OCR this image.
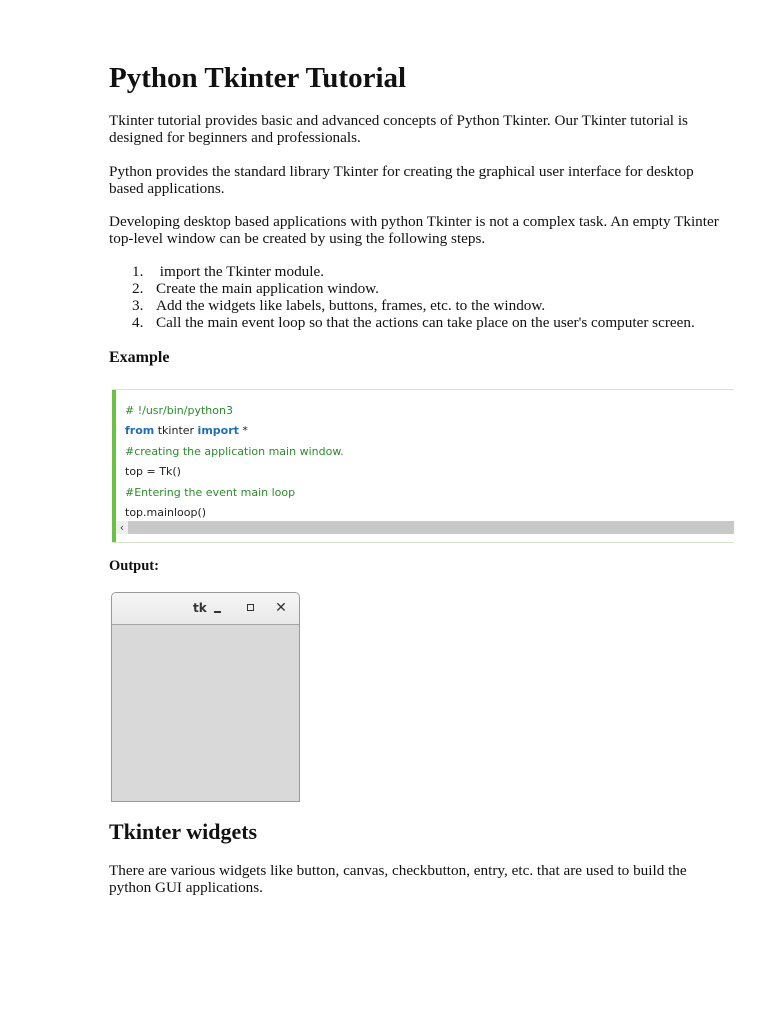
Python Tkinter Tutorial

Tkinter tutorial provides basic and advanced concepts of Python Tkinter. Our Tkinter tutorial is designed for beginners and professionals.

Python provides the standard library Tkinter for creating the graphical user interface for desktop based applications.

Developing desktop based applications with python Tkinter is not a complex task. An empty Tkinter top-level window can be created by using the following steps.

1. import the Tkinter module.
2. Create the main application window.
3. Add the widgets like labels, buttons, frames, etc. to the window.
4. Call the main event loop so that the actions can take place on the user's computer screen.
Example
# !/usr/bin/python3
from tkinter import *
#creating the application main window.
top = Tk()
#Entering the event main loop
top.mainloop()
‹
Output:
tk	✕
Tkinter widgets

There are various widgets like button, canvas, checkbutton, entry, etc. that are used to build the python GUI applications.
